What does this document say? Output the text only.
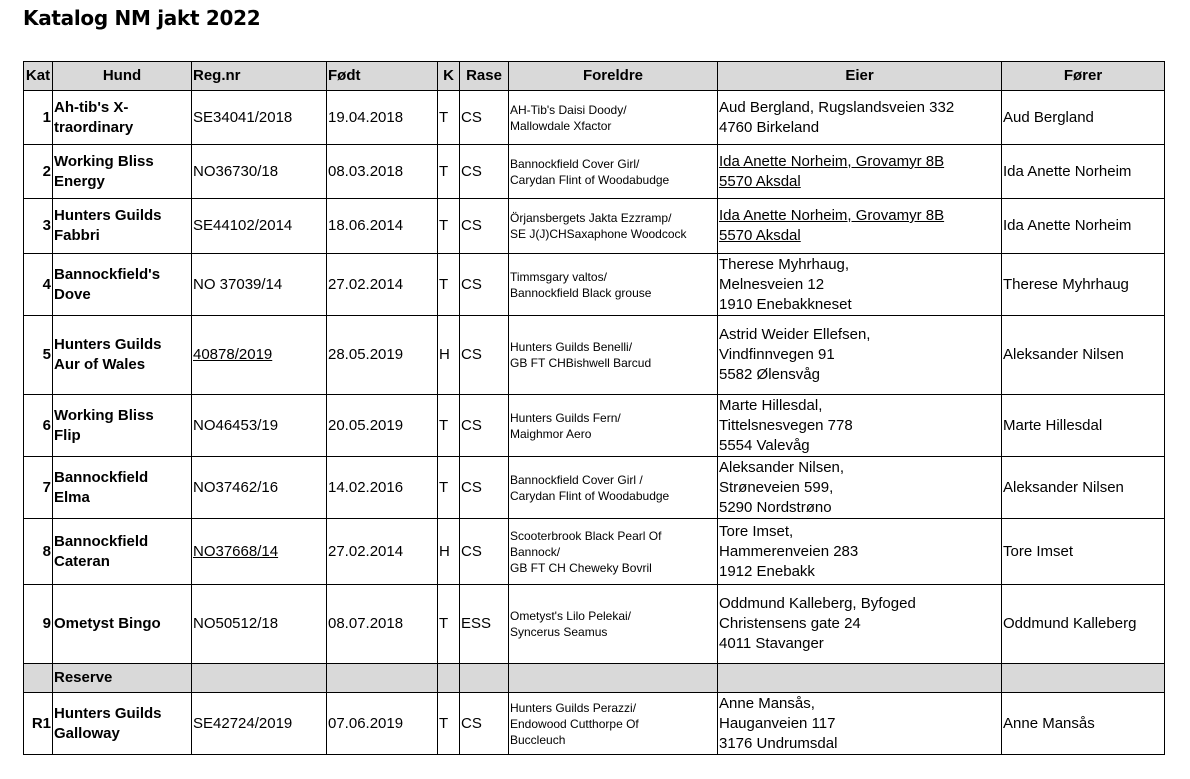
Katalog NM jakt 2022
Kat	Hund	Reg.nr	Født	K	Rase	Foreldre	Eier	Fører
1	Ah-tib's X-
traordinary	SE34041/2018	19.04.2018	T	CS	AH-Tib's Daisi Doody/
Mallowdale Xfactor	Aud Bergland, Rugslandsveien 332
4760 Birkeland	Aud Bergland
2	Working Bliss
Energy	NO36730/18	08.03.2018	T	CS	Bannockfield Cover Girl/
Carydan Flint of Woodabudge	Ida Anette Norheim, Grovamyr 8B
5570 Aksdal	Ida Anette Norheim
3	Hunters Guilds
Fabbri	SE44102/2014	18.06.2014	T	CS	Örjansbergets Jakta Ezzramp/
SE J(J)CHSaxaphone Woodcock	Ida Anette Norheim, Grovamyr 8B
5570 Aksdal	Ida Anette Norheim
4	Bannockfield's
Dove	NO 37039/14	27.02.2014	T	CS	Timmsgary valtos/
Bannockfield Black grouse	Therese Myhrhaug,
Melnesveien 12
1910 Enebakkneset	Therese Myhrhaug
5	Hunters Guilds
Aur of Wales	40878/2019	28.05.2019	H	CS	Hunters Guilds Benelli/
GB FT CHBishwell Barcud	Astrid Weider Ellefsen,
Vindfinnvegen 91
5582 Ølensvåg	Aleksander Nilsen
6	Working Bliss
Flip	NO46453/19	20.05.2019	T	CS	Hunters Guilds Fern/
Maighmor Aero	Marte Hillesdal,
Tittelsnesvegen 778
5554 Valevåg	Marte Hillesdal
7	Bannockfield
Elma	NO37462/16	14.02.2016	T	CS	Bannockfield Cover Girl /
Carydan Flint of Woodabudge	Aleksander Nilsen,
Strøneveien 599,
5290 Nordstrøno	Aleksander Nilsen
8	Bannockfield
Cateran	NO37668/14	27.02.2014	H	CS	Scooterbrook Black Pearl Of
Bannock/
GB FT CH Cheweky Bovril	Tore Imset,
Hammerenveien 283
1912 Enebakk	Tore Imset
9	Ometyst Bingo	NO50512/18	08.07.2018	T	ESS	Ometyst's Lilo Pelekai/
Syncerus Seamus	Oddmund Kalleberg, Byfoged
Christensens gate 24
4011 Stavanger	Oddmund Kalleberg
	Reserve							
R1	Hunters Guilds
Galloway	SE42724/2019	07.06.2019	T	CS	Hunters Guilds Perazzi/
Endowood Cutthorpe Of
Buccleuch	Anne Mansås,
Hauganveien 117
3176 Undrumsdal	Anne Mansås
